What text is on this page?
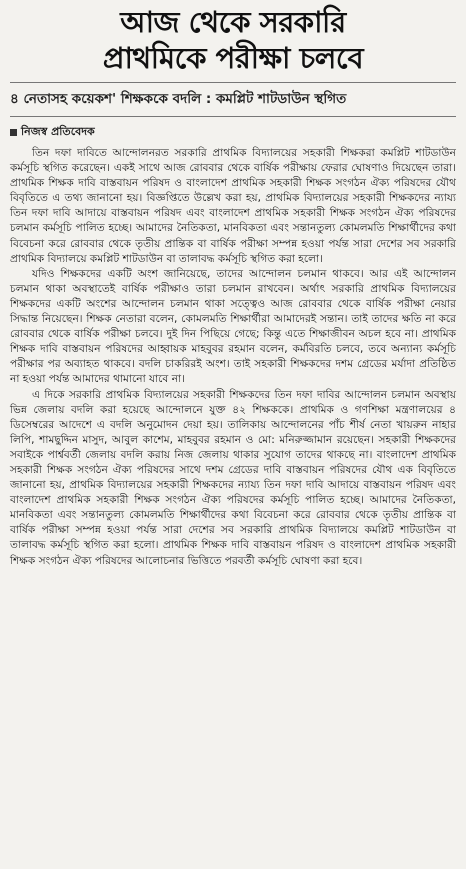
আজ থেকে সরকারি
প্রাথমিকে পরীক্ষা চলবে
৪ নেতাসহ কয়েকশ' শিক্ষককে বদলি : কমপ্লিট শাটডাউন স্থগিত
নিজস্ব প্রতিবেদক

তিন দফা দাবিতে আন্দোলনরত সরকারি প্রাথমিক বিদ্যালয়ের সহকারী শিক্ষকরা কমপ্লিট শাটডাউন কর্মসূচি স্থগিত করেছেন। একই সাথে আজ রোববার থেকে বার্ষিক পরীক্ষায় ফেরার ঘোষণাও দিয়েছেন তারা। প্রাথমিক শিক্ষক দাবি বাস্তবায়ন পরিষদ ও বাংলাদেশ প্রাথমিক সহকারী শিক্ষক সংগঠন ঐক্য পরিষদের যৌথ বিবৃতিতে এ তথ্য জানানো হয়। বিজ্ঞপ্তিতে উল্লেখ করা হয়, প্রাথমিক বিদ্যালয়ের সহকারী শিক্ষকদের ন্যায্য তিন দফা দাবি আদায়ে বাস্তবায়ন পরিষদ এবং বাংলাদেশ প্রাথমিক সহকারী শিক্ষক সংগঠন ঐক্য পরিষদের চলমান কর্মসূচি পালিত হচ্ছে। আমাদের নৈতিকতা, মানবিকতা এবং সন্তানতুল্য কোমলমতি শিক্ষার্থীদের কথা বিবেচনা করে রোববার থেকে তৃতীয় প্রান্তিক বা বার্ষিক পরীক্ষা সম্পন্ন হওয়া পর্যন্ত সারা দেশের সব সরকারি প্রাথমিক বিদ্যালয়ে কমপ্লিট শাটডাউন বা তালাবদ্ধ কর্মসূচি স্থগিত করা হলো।

যদিও শিক্ষকদের একটি অংশ জানিয়েছে, তাদের আন্দোলন চলমান থাকবে। আর এই আন্দোলন চলমান থাকা অবস্থাতেই বার্ষিক পরীক্ষাও তারা চলমান রাখবেন। অর্থাৎ সরকারি প্রাথমিক বিদ্যালয়ের শিক্ষকদের একটি অংশের আন্দোলন চলমান থাকা সত্ত্বেও আজ রোববার থেকে বার্ষিক পরীক্ষা নেয়ার সিদ্ধান্ত নিয়েছেন। শিক্ষক নেতারা বলেন, কোমলমতি শিক্ষার্থীরা আমাদেরই সন্তান। তাই তাদের ক্ষতি না করে রোববার থেকে বার্ষিক পরীক্ষা চলবে। দুই দিন পিছিয়ে গেছে; কিন্তু এতে শিক্ষাজীবন অচল হবে না। প্রাথমিক শিক্ষক দাবি বাস্তবায়ন পরিষদের আহ্বায়ক মাহবুবর রহমান বলেন, কর্মবিরতি চলবে, তবে অন্যান্য কর্মসূচি পরীক্ষার পর অব্যাহত থাকবে। বদলি চাকরিরই অংশ। তাই সহকারী শিক্ষকদের দশম গ্রেডের মর্যাদা প্রতিষ্ঠিত না হওয়া পর্যন্ত আমাদের থামানো যাবে না।

এ দিকে সরকারি প্রাথমিক বিদ্যালয়ের সহকারী শিক্ষকদের তিন দফা দাবির আন্দোলন চলমান অবস্থায় ভিন্ন জেলায় বদলি করা হয়েছে আন্দোলনে যুক্ত ৪২ শিক্ষককে। প্রাথমিক ও গণশিক্ষা মন্ত্রণালয়ের ৪ ডিসেম্বরের আদেশে এ বদলি অনুমোদন দেয়া হয়। তালিকায় আন্দোলনের পাঁচ শীর্ষ নেতা খায়রুন নাহার লিপি, শামছুদ্দিন মাসুদ, আবুল কাশেম, মাহবুবর রহমান ও মো: মনিরুজ্জামান রয়েছেন। সহকারী শিক্ষকদের সবাইকে পার্শ্ববর্তী জেলায় বদলি করায় নিজ জেলায় থাকার সুযোগ তাদের থাকছে না। বাংলাদেশ প্রাথমিক সহকারী শিক্ষক সংগঠন ঐক্য পরিষদের সাথে দশম গ্রেডের দাবি বাস্তবায়ন পরিষদের যৌথ এক বিবৃতিতে জানানো হয়, প্রাথমিক বিদ্যালয়ের সহকারী শিক্ষকদের ন্যায্য তিন দফা দাবি আদায়ে বাস্তবায়ন পরিষদ এবং বাংলাদেশ প্রাথমিক সহকারী শিক্ষক সংগঠন ঐক্য পরিষদের কর্মসূচি পালিত হচ্ছে। আমাদের নৈতিকতা, মানবিকতা এবং সন্তানতুল্য কোমলমতি শিক্ষার্থীদের কথা বিবেচনা করে রোববার থেকে তৃতীয় প্রান্তিক বা বার্ষিক পরীক্ষা সম্পন্ন হওয়া পর্যন্ত সারা দেশের সব সরকারি প্রাথমিক বিদ্যালয়ে কমপ্লিট শাটডাউন বা তালাবদ্ধ কর্মসূচি স্থগিত করা হলো। প্রাথমিক শিক্ষক দাবি বাস্তবায়ন পরিষদ ও বাংলাদেশ প্রাথমিক সহকারী শিক্ষক সংগঠন ঐক্য পরিষদের আলোচনার ভিত্তিতে পরবর্তী কর্মসূচি ঘোষণা করা হবে।
